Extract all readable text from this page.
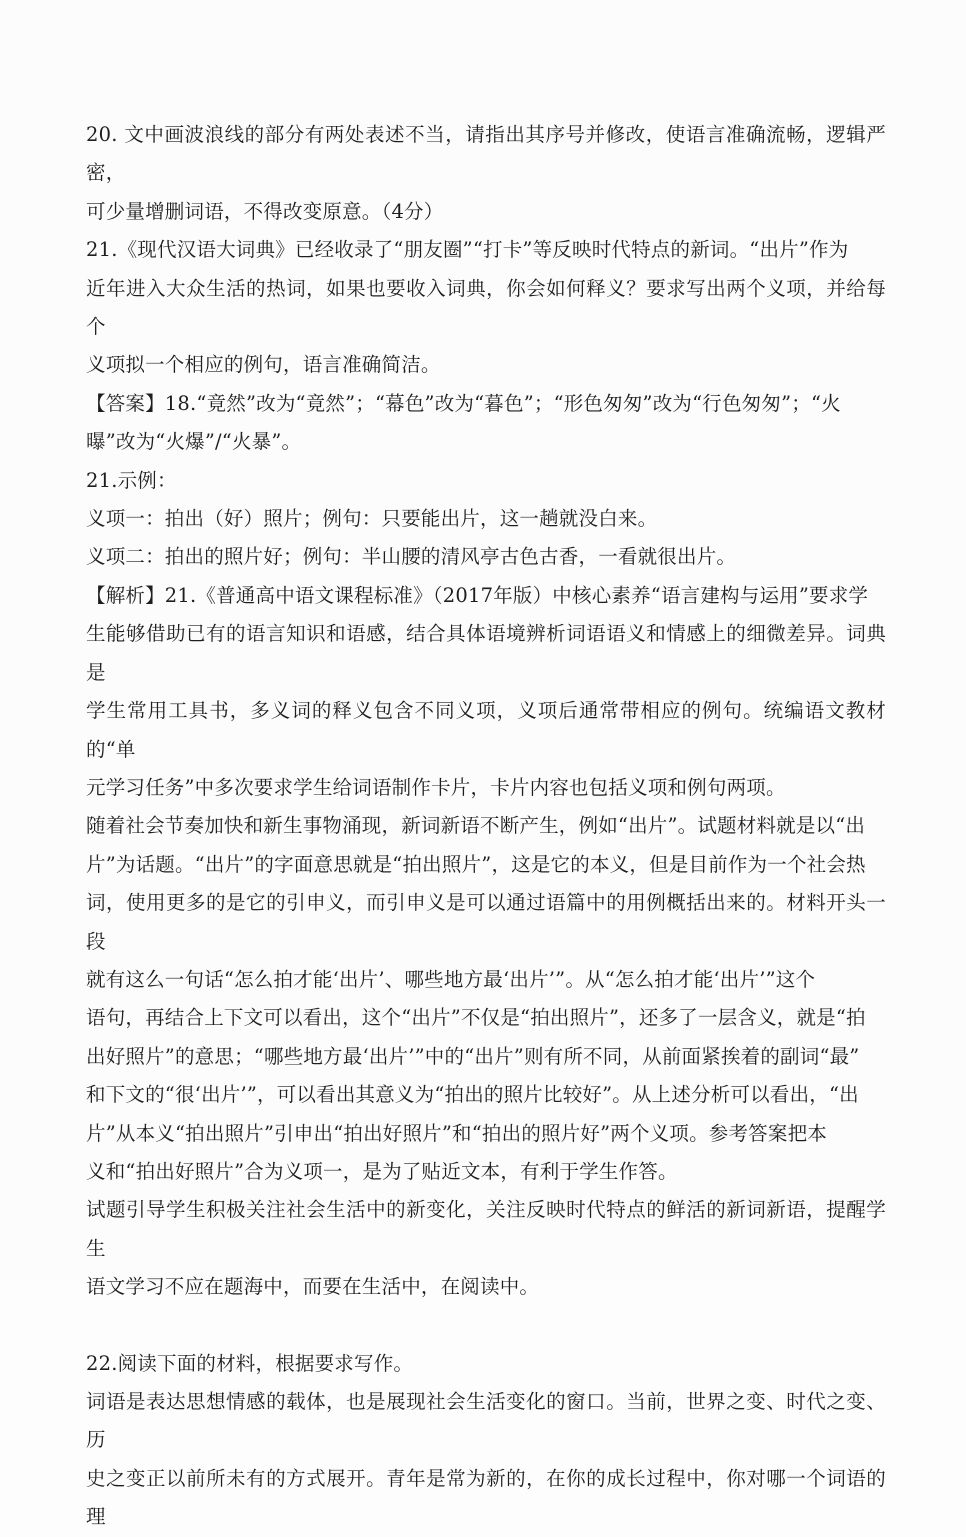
20. 文中画波浪线的部分有两处表述不当，请指出其序号并修改，使语言准确流畅，逻辑严密，
可少量增删词语，不得改变原意。（4分）

21.《现代汉语大词典》已经收录了“朋友圈”“打卡”等反映时代特点的新词。“出片”作为
近年进入大众生活的热词，如果也要收入词典，你会如何释义？要求写出两个义项，并给每个
义项拟一个相应的例句，语言准确简洁。

【答案】18.“竟然”改为“竟然”；“幕色”改为“暮色”；“形色匆匆”改为“行色匆匆”；“火
曝”改为“火爆”/“火暴”。

21.示例：

义项一：拍出（好）照片；例句：只要能出片，这一趟就没白来。

义项二：拍出的照片好；例句：半山腰的清风亭古色古香，一看就很出片。

【解析】21.《普通高中语文课程标准》（2017年版）中核心素养“语言建构与运用”要求学
生能够借助已有的语言知识和语感，结合具体语境辨析词语语义和情感上的细微差异。词典是
学生常用工具书，多义词的释义包含不同义项，义项后通常带相应的例句。统编语文教材的“单
元学习任务”中多次要求学生给词语制作卡片，卡片内容也包括义项和例句两项。

随着社会节奏加快和新生事物涌现，新词新语不断产生，例如“出片”。试题材料就是以“出
片”为话题。“出片”的字面意思就是“拍出照片”，这是它的本义，但是目前作为一个社会热
词，使用更多的是它的引申义，而引申义是可以通过语篇中的用例概括出来的。材料开头一段
就有这么一句话“怎么拍才能‘出片’、哪些地方最‘出片’”。从“怎么拍才能‘出片’”这个
语句，再结合上下文可以看出，这个“出片”不仅是“拍出照片”，还多了一层含义，就是“拍
出好照片”的意思；“哪些地方最‘出片’”中的“出片”则有所不同，从前面紧挨着的副词“最”
和下文的“很‘出片’”，可以看出其意义为“拍出的照片比较好”。从上述分析可以看出，“出
片”从本义“拍出照片”引申出“拍出好照片”和“拍出的照片好”两个义项。参考答案把本
义和“拍出好照片”合为义项一，是为了贴近文本，有利于学生作答。

试题引导学生积极关注社会生活中的新变化，关注反映时代特点的鲜活的新词新语，提醒学生
语文学习不应在题海中，而要在生活中，在阅读中。

22.阅读下面的材料，根据要求写作。

词语是表达思想情感的载体，也是展现社会生活变化的窗口。当前，世界之变、时代之变、历
史之变正以前所未有的方式展开。青年是常为新的，在你的成长过程中，你对哪一个词语的理
